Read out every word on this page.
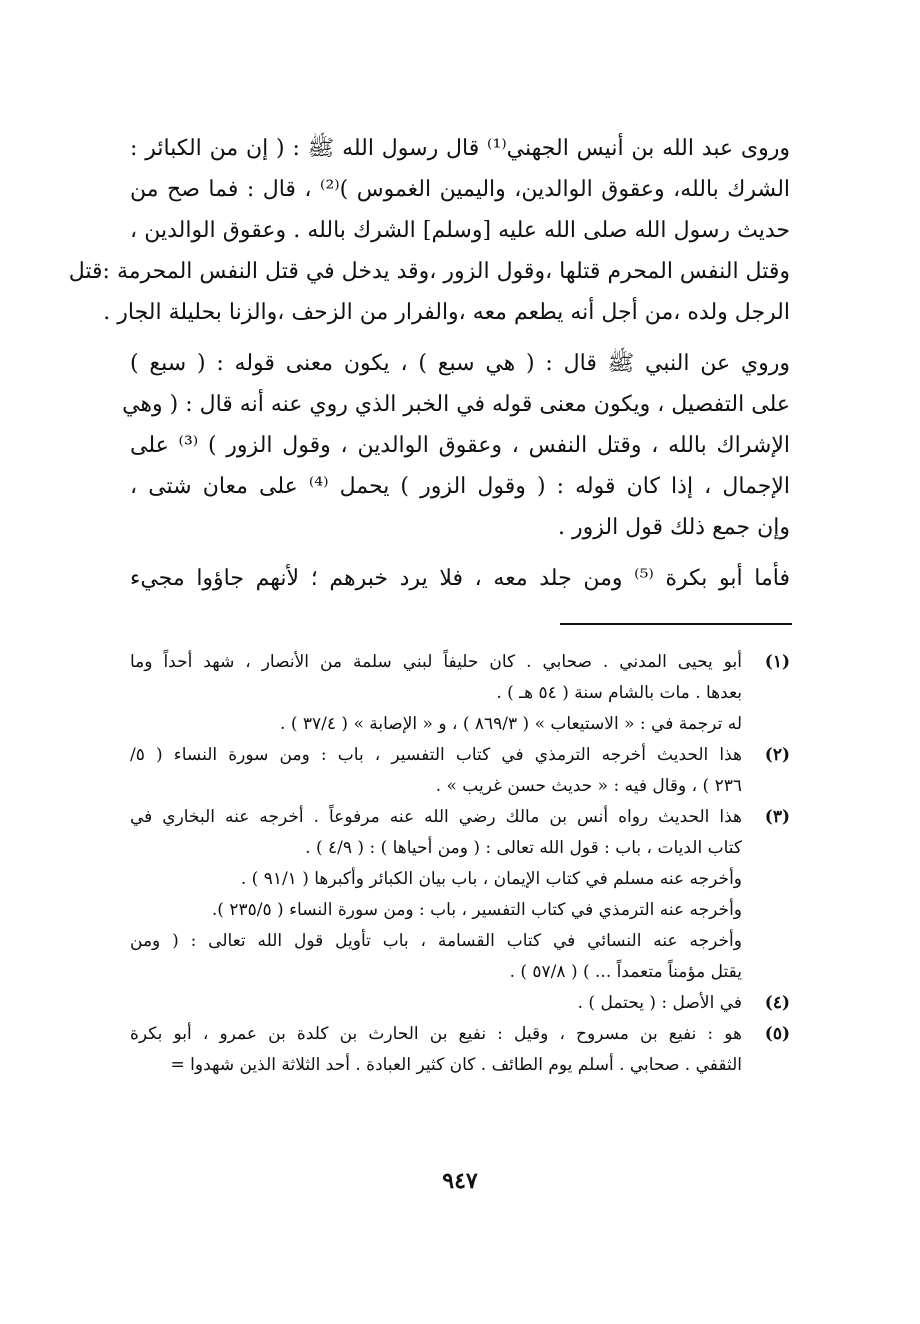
وروى عبد الله بن أنيس الجهني⁽¹⁾ قال رسول الله ﷺ : ( إن من الكبائر :
الشرك بالله، وعقوق الوالدين، واليمين الغموس )⁽²⁾ ، قال : فما صح من
حديث رسول الله صلى الله عليه [وسلم] الشرك بالله . وعقوق الوالدين ،
وقتل النفس المحرم قتلها ،وقول الزور ،وقد يدخل في قتل النفس المحرمة :قتل
الرجل ولده ،من أجل أنه يطعم معه ،والفرار من الزحف ،والزنا بحليلة الجار .

وروي عن النبي ﷺ قال : ( هي سبع ) ، يكون معنى قوله : ( سبع )
على التفصيل ، ويكون معنى قوله في الخبر الذي روي عنه أنه قال : ( وهي
الإشراك بالله ، وقتل النفس ، وعقوق الوالدين ، وقول الزور ) ⁽³⁾ على
الإجمال ، إذا كان قوله : ( وقول الزور ) يحمل ⁽⁴⁾ على معان شتى ،
وإن جمع ذلك قول الزور .

فأما أبو بكرة ⁽⁵⁾ ومن جلد معه ، فلا يرد خبرهم ؛ لأنهم جاؤوا مجيء

(١)
أبو يحيى المدني . صحابي . كان حليفاً لبني سلمة من الأنصار ، شهد أحداً وما
بعدها . مات بالشام سنة ( ٥٤ هـ ) .
له ترجمة في : « الاستيعاب » ( ٨٦٩/٣ ) ، و « الإصابة » ( ٣٧/٤ ) .
(٢)
هذا الحديث أخرجه الترمذي في كتاب التفسير ، باب : ومن سورة النساء ( ٥/
٢٣٦ ) ، وقال فيه : « حديث حسن غريب » .
(٣)
هذا الحديث رواه أنس بن مالك رضي الله عنه مرفوعاً . أخرجه عنه البخاري في
كتاب الديات ، باب : قول الله تعالى : ( ومن أحياها ) : ( ٤/٩ ) .
وأخرجه عنه مسلم في كتاب الإيمان ، باب بيان الكبائر وأكبرها ( ٩١/١ ) .
وأخرجه عنه الترمذي في كتاب التفسير ، باب : ومن سورة النساء ( ٢٣٥/٥ ).
وأخرجه عنه النسائي في كتاب القسامة ، باب تأويل قول الله تعالى : ( ومن
يقتل مؤمناً متعمداً ... ) ( ٥٧/٨ ) .
(٤)
في الأصل : ( يحتمل ) .
(٥)
هو : نفيع بن مسروح ، وقيل : نفيع بن الحارث بن كلدة بن عمرو ، أبو بكرة
الثقفي . صحابي . أسلم يوم الطائف . كان كثير العبادة . أحد الثلاثة الذين شهدوا =
٩٤٧
